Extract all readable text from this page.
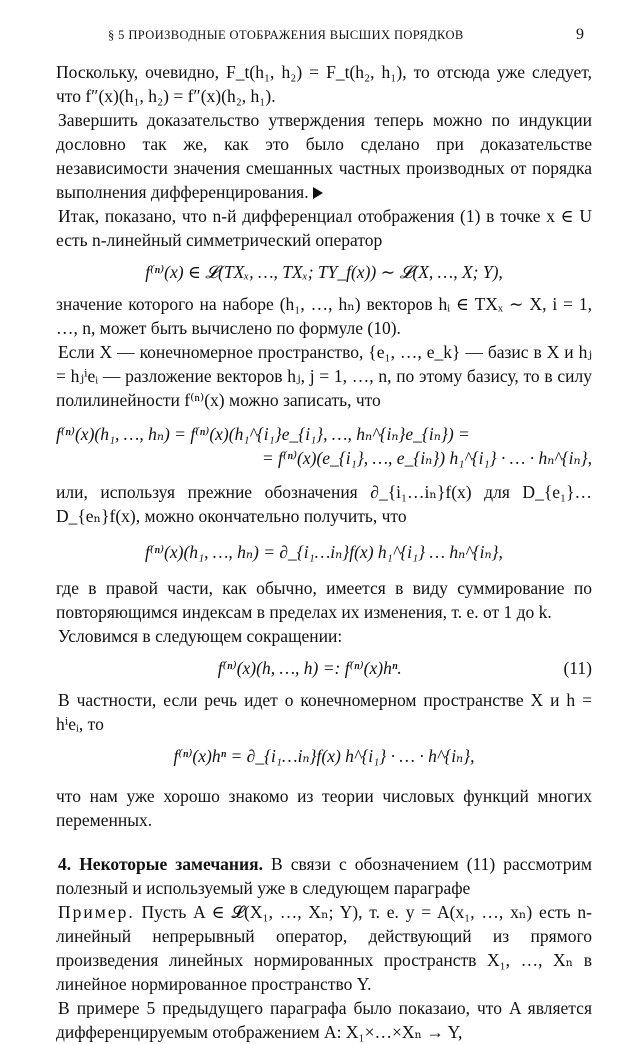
§ 5 ПРОИЗВОДНЫЕ ОТОБРАЖЕНИЯ ВЫСШИХ ПОРЯДКОВ	9

Поскольку, очевидно, F_t(h₁, h₂) = F_t(h₂, h₁), то отсюда уже следует, что f″(x)(h₁, h₂) = f″(x)(h₂, h₁).

Завершить доказательство утверждения теперь можно по индукции дословно так же, как это было сделано при доказательстве независимости значения смешанных частных производных от порядка выполнения дифференцирования.

Итак, показано, что n-й дифференциал отображения (1) в точке x ∈ U есть n-линейный симметрический оператор

f⁽ⁿ⁾(x) ∈ 𝓛(TXₓ, …, TXₓ; TY_f(x)) ∼ 𝓛(X, …, X; Y),

значение которого на наборе (h₁, …, hₙ) векторов hᵢ ∈ TXₓ ∼ X, i = 1, …, n, может быть вычислено по формуле (10).

Если X — конечномерное пространство, {e₁, …, e_k} — базис в X и hⱼ = hⱼⁱeᵢ — разложение векторов hⱼ, j = 1, …, n, по этому базису, то в силу полилинейности f⁽ⁿ⁾(x) можно записать, что

f⁽ⁿ⁾(x)(h₁, …, hₙ) = f⁽ⁿ⁾(x)(h₁^{i₁}e_{i₁}, …, hₙ^{iₙ}e_{iₙ}) =
= f⁽ⁿ⁾(x)(e_{i₁}, …, e_{iₙ}) h₁^{i₁} · … · hₙ^{iₙ},

или, используя прежние обозначения ∂_{i₁…iₙ}f(x) для D_{e₁}…D_{eₙ}f(x), можно окончательно получить, что

f⁽ⁿ⁾(x)(h₁, …, hₙ) = ∂_{i₁…iₙ}f(x) h₁^{i₁} … hₙ^{iₙ},

где в правой части, как обычно, имеется в виду суммирование по повторяющимся индексам в пределах их изменения, т. е. от 1 до k.

Условимся в следующем сокращении:

f⁽ⁿ⁾(x)(h, …, h) =: f⁽ⁿ⁾(x)hⁿ.	(11)

В частности, если речь идет о конечномерном пространстве X и h = hⁱeᵢ, то

f⁽ⁿ⁾(x)hⁿ = ∂_{i₁…iₙ}f(x) h^{i₁} · … · h^{iₙ},

что нам уже хорошо знакомо из теории числовых функций многих переменных.

4. Некоторые замечания. В связи с обозначением (11) рассмотрим полезный и используемый уже в следующем параграфе

Пример. Пусть A ∈ 𝓛(X₁, …, Xₙ; Y), т. е. y = A(x₁, …, xₙ) есть n-линейный непрерывный оператор, действующий из прямого произведения линейных нормированных пространств X₁, …, Xₙ в линейное нормированное пространство Y.

В примере 5 предыдущего параграфа было показаио, что A является дифференцируемым отображением A: X₁×…×Xₙ → Y,
